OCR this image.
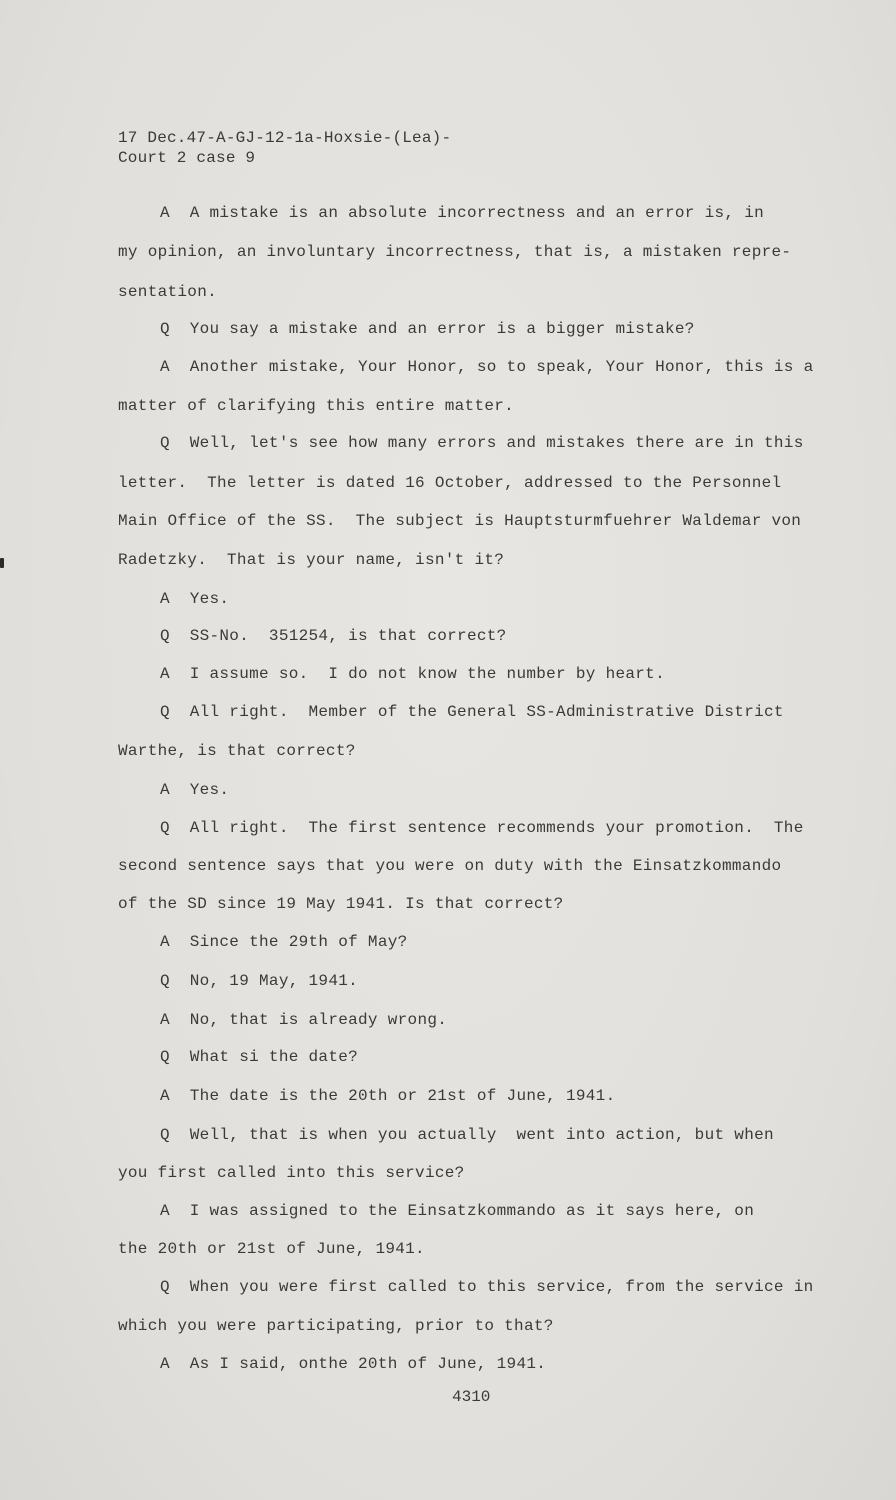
17 Dec.47-A-GJ-12-1a-Hoxsie-(Lea)-
Court 2 case 9
A  A mistake is an absolute incorrectness and an error is, in
my opinion, an involuntary incorrectness, that is, a mistaken repre-
sentation.
Q  You say a mistake and an error is a bigger mistake?
A  Another mistake, Your Honor, so to speak, Your Honor, this is a
matter of clarifying this entire matter.
Q  Well, let's see how many errors and mistakes there are in this
letter.  The letter is dated 16 October, addressed to the Personnel
Main Office of the SS.  The subject is Hauptsturmfuehrer Waldemar von
Radetzky.  That is your name, isn't it?
A  Yes.
Q  SS-No.  351254, is that correct?
A  I assume so.  I do not know the number by heart.
Q  All right.  Member of the General SS-Administrative District
Warthe, is that correct?
A  Yes.
Q  All right.  The first sentence recommends your promotion.  The
second sentence says that you were on duty with the Einsatzkommando
of the SD since 19 May 1941. Is that correct?
A  Since the 29th of May?
Q  No, 19 May, 1941.
A  No, that is already wrong.
Q  What si the date?
A  The date is the 20th or 21st of June, 1941.
Q  Well, that is when you actually  went into action, but when
you first called into this service?
A  I was assigned to the Einsatzkommando as it says here, on
the 20th or 21st of June, 1941.
Q  When you were first called to this service, from the service in
which you were participating, prior to that?
A  As I said, onthe 20th of June, 1941.
4310
